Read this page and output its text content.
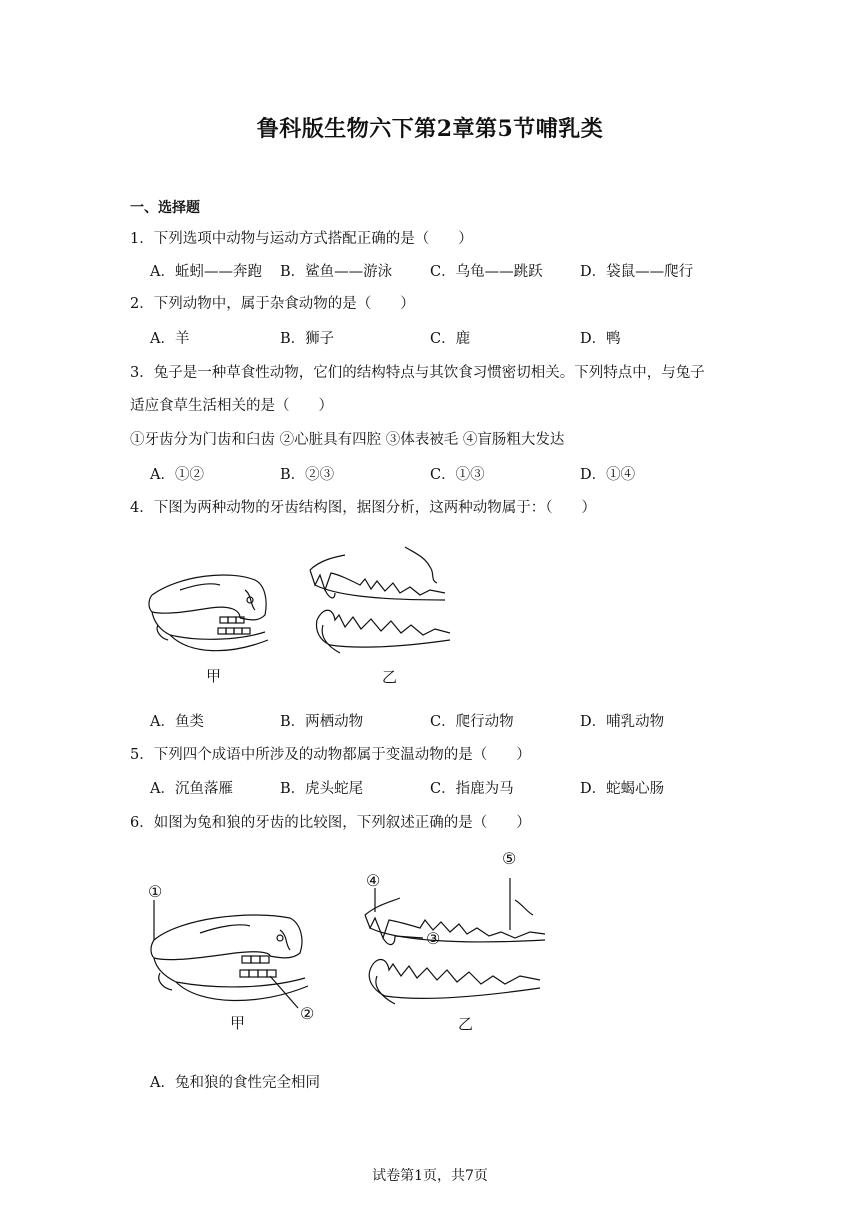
鲁科版生物六下第2章第5节哺乳类
一、选择题
1．下列选项中动物与运动方式搭配正确的是（　　）
A．蚯蚓——奔跑 B．鲨鱼——游泳	C．乌龟——跳跃	D．袋鼠——爬行
2．下列动物中，属于杂食动物的是（　　）
A．羊	B．狮子	C．鹿	D．鸭
3．兔子是一种草食性动物，它们的结构特点与其饮食习惯密切相关。下列特点中，与兔子
适应食草生活相关的是（　　）
①牙齿分为门齿和臼齿 ②心脏具有四腔 ③体表被毛 ④盲肠粗大发达
A．①②	B．②③	C．①③	D．①④
4．下图为两种动物的牙齿结构图，据图分析，这两种动物属于：（　　）
甲	乙
A．鱼类	B．两栖动物	C．爬行动物	D．哺乳动物
5．下列四个成语中所涉及的动物都属于变温动物的是（　　）
A．沉鱼落雁	B．虎头蛇尾	C．指鹿为马	D．蛇蝎心肠
6．如图为兔和狼的牙齿的比较图，下列叙述正确的是（　　）
①
②
甲
④
③
⑤
乙
A．兔和狼的食性完全相同
试卷第1页，共7页
